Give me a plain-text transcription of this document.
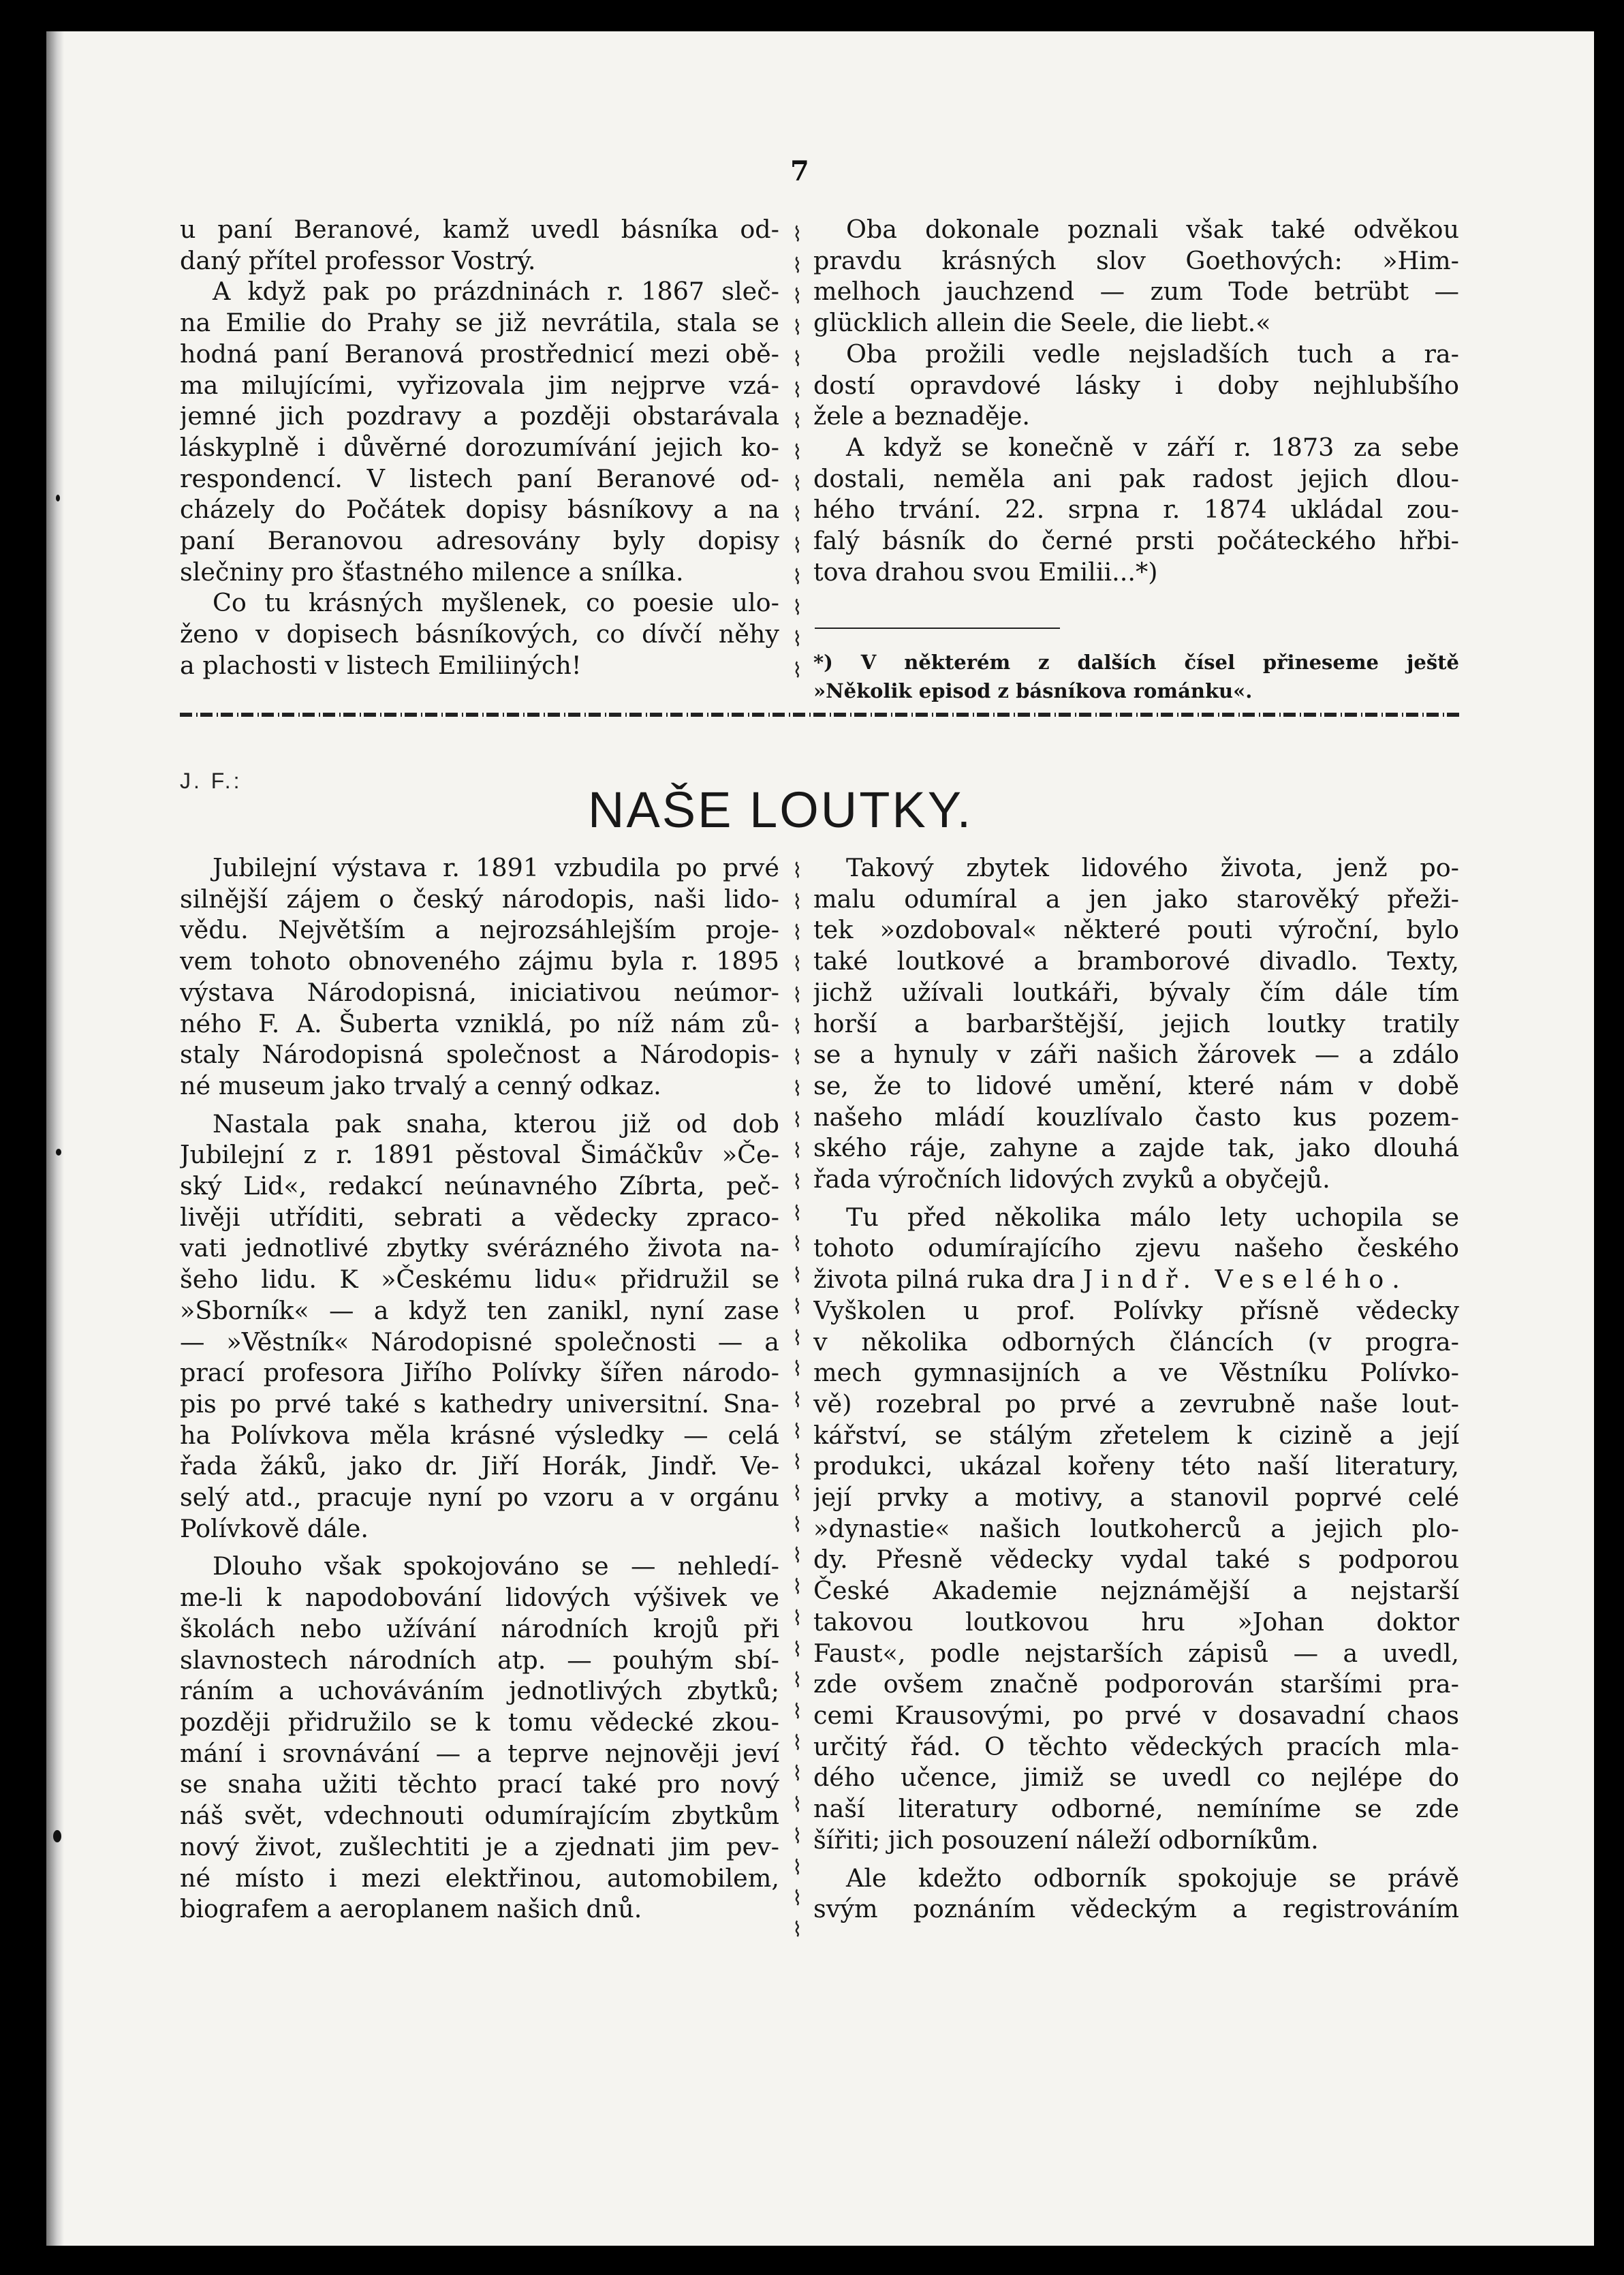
7
u paní Beranové, kamž uvedl básníka od-
daný přítel professor Vostrý.
A když pak po prázdninách r. 1867 sleč-
na Emilie do Prahy se již nevrátila, stala se
hodná paní Beranová prostřednicí mezi obě-
ma milujícími, vyřizovala jim nejprve vzá-
jemné jich pozdravy a později obstarávala
láskyplně i důvěrné dorozumívání jejich ko-
respondencí. V listech paní Beranové od-
cházely do Počátek dopisy básníkovy a na
paní Beranovou adresovány byly dopisy
slečniny pro šťastného milence a snílka.
Co tu krásných myšlenek, co poesie ulo-
ženo v dopisech básníkových, co dívčí něhy
a plachosti v listech Emiliiných!
⌇
⌇
⌇
⌇
⌇
⌇
⌇
⌇
⌇
⌇
⌇
⌇
⌇
⌇
⌇
Oba dokonale poznali však také odvěkou
pravdu krásných slov Goethových: »Him-
melhoch jauchzend — zum Tode betrübt —
glücklich allein die Seele, die liebt.«
Oba prožili vedle nejsladších tuch a ra-
dostí opravdové lásky i doby nejhlubšího
žele a beznaděje.
A když se konečně v září r. 1873 za sebe
dostali, neměla ani pak radost jejich dlou-
hého trvání. 22. srpna r. 1874 ukládal zou-
falý básník do černé prsti počáteckého hřbi-
tova drahou svou Emilii...*)
*) V některém z dalších čísel přineseme ještě
»Několik episod z básníkova románku«.
J. F.:
NAŠE LOUTKY.
Jubilejní výstava r. 1891 vzbudila po prvé
silnější zájem o český národopis, naši lido-
vědu. Největším a nejrozsáhlejším proje-
vem tohoto obnoveného zájmu byla r. 1895
výstava Národopisná, iniciativou neúmor-
ného F. A. Šuberta vzniklá, po níž nám zů-
staly Národopisná společnost a Národopis-
né museum jako trvalý a cenný odkaz.
Nastala pak snaha, kterou již od dob
Jubilejní z r. 1891 pěstoval Šimáčkův »Če-
ský Lid«, redakcí neúnavného Zíbrta, peč-
livěji utříditi, sebrati a vědecky zpraco-
vati jednotlivé zbytky svérázného života na-
šeho lidu. K »Českému lidu« přidružil se
»Sborník« — a když ten zanikl, nyní zase
— »Věstník« Národopisné společnosti — a
prací profesora Jiřího Polívky šířen národo-
pis po prvé také s kathedry universitní. Sna-
ha Polívkova měla krásné výsledky — celá
řada žáků, jako dr. Jiří Horák, Jindř. Ve-
selý atd., pracuje nyní po vzoru a v orgánu
Polívkově dále.
Dlouho však spokojováno se — nehledí-
me-li k napodobování lidových výšivek ve
školách nebo užívání národních krojů při
slavnostech národních atp. — pouhým sbí-
ráním a uchováváním jednotlivých zbytků;
později přidružilo se k tomu vědecké zkou-
mání i srovnávání — a teprve nejnověji jeví
se snaha užiti těchto prací také pro nový
náš svět, vdechnouti odumírajícím zbytkům
nový život, zušlechtiti je a zjednati jim pev-
né místo i mezi elektřinou, automobilem,
biografem a aeroplanem našich dnů.
⌇
⌇
⌇
⌇
⌇
⌇
⌇
⌇
⌇
⌇
⌇
⌇
⌇
⌇
⌇
⌇
⌇
⌇
⌇
⌇
⌇
⌇
⌇
⌇
⌇
⌇
⌇
⌇
⌇
⌇
⌇
⌇
⌇
⌇
⌇
Takový zbytek lidového života, jenž po-
malu odumíral a jen jako starověký přeži-
tek »ozdoboval« některé pouti výroční, bylo
také loutkové a bramborové divadlo. Texty,
jichž užívali loutkáři, bývaly čím dále tím
horší a barbarštější, jejich loutky tratily
se a hynuly v záři našich žárovek — a zdálo
se, že to lidové umění, které nám v době
našeho mládí kouzlívalo často kus pozem-
ského ráje, zahyne a zajde tak, jako dlouhá
řada výročních lidových zvyků a obyčejů.
Tu před několika málo lety uchopila se
tohoto odumírajícího zjevu našeho českého
života pilná ruka dra Jindř. Veselého.
Vyškolen u prof. Polívky přísně vědecky
v několika odborných článcích (v progra-
mech gymnasijních a ve Věstníku Polívko-
vě) rozebral po prvé a zevrubně naše lout-
kářství, se stálým zřetelem k cizině a její
produkci, ukázal kořeny této naší literatury,
její prvky a motivy, a stanovil poprvé celé
»dynastie« našich loutkoherců a jejich plo-
dy. Přesně vědecky vydal také s podporou
České Akademie nejznámější a nejstarší
takovou loutkovou hru »Johan doktor
Faust«, podle nejstarších zápisů — a uvedl,
zde ovšem značně podporován staršími pra-
cemi Krausovými, po prvé v dosavadní chaos
určitý řád. O těchto vědeckých pracích mla-
dého učence, jimiž se uvedl co nejlépe do
naší literatury odborné, nemíníme se zde
šířiti; jich posouzení náleží odborníkům.
Ale kdežto odborník spokojuje se právě
svým poznáním vědeckým a registrováním
